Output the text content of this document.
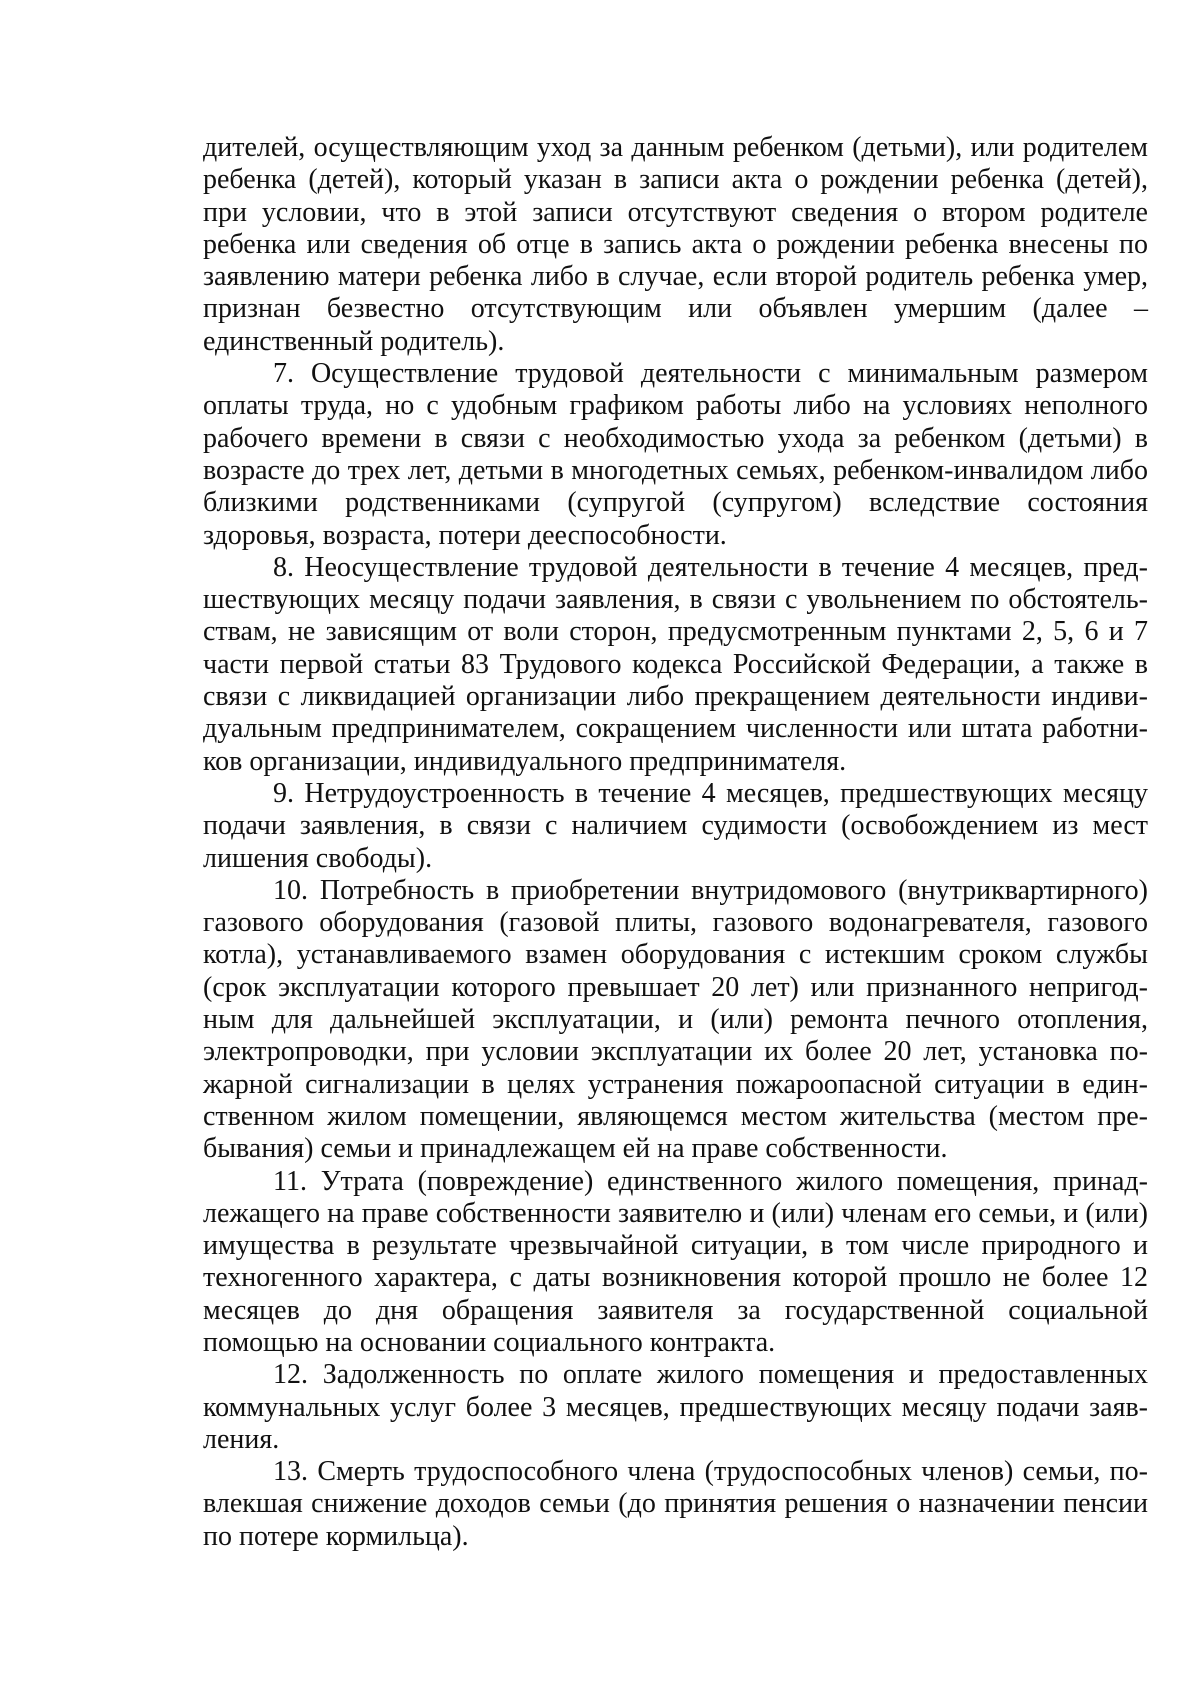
дителей, осуществляющим уход за данным ребенком (детьми), или родителем ребенка (детей), который указан в записи акта о рождении ребенка (детей), при условии, что в этой записи отсутствуют сведения о втором родителе ребенка или сведения об отце в запись акта о рождении ребенка внесены по заявлению матери ребенка либо в случае, если второй родитель ребенка умер, признан безвестно отсутствующим или объявлен умершим (далее – единственный родитель).

7. Осуществление трудовой деятельности с минимальным размером оплаты труда, но с удобным графиком работы либо на условиях неполного рабочего времени в связи с необходимостью ухода за ребенком (детьми) в возрасте до трех лет, детьми в многодетных семьях, ребенком-инвалидом либо близкими родственниками (супругой (супругом) вследствие состояния здоровья, возраста, потери дееспособности.

8. Неосуществление трудовой деятельности в течение 4 месяцев, предшествующих месяцу подачи заявления, в связи с увольнением по обстоятельствам, не зависящим от воли сторон, предусмотренным пунктами 2, 5, 6 и 7 части первой статьи 83 Трудового кодекса Российской Федерации, а также в связи с ликвидацией организации либо прекращением деятельности индивидуальным предпринимателем, сокращением численности или штата работников организации, индивидуального предпринимателя.

9. Нетрудоустроенность в течение 4 месяцев, предшествующих месяцу подачи заявления, в связи с наличием судимости (освобождением из мест лишения свободы).

10. Потребность в приобретении внутридомового (внутриквартирного) газового оборудования (газовой плиты, газового водонагревателя, газового котла), устанавливаемого взамен оборудования с истекшим сроком службы (срок эксплуатации которого превышает 20 лет) или признанного непригодным для дальнейшей эксплуатации, и (или) ремонта печного отопления, электропроводки, при условии эксплуатации их более 20 лет, установка пожарной сигнализации в целях устранения пожароопасной ситуации в единственном жилом помещении, являющемся местом жительства (местом пребывания) семьи и принадлежащем ей на праве собственности.

11. Утрата (повреждение) единственного жилого помещения, принадлежащего на праве собственности заявителю и (или) членам его семьи, и (или) имущества в результате чрезвычайной ситуации, в том числе природного и техногенного характера, с даты возникновения которой прошло не более 12 месяцев до дня обращения заявителя за государственной социальной помощью на основании социального контракта.

12. Задолженность по оплате жилого помещения и предоставленных коммунальных услуг более 3 месяцев, предшествующих месяцу подачи заявления.

13. Смерть трудоспособного члена (трудоспособных членов) семьи, повлекшая снижение доходов семьи (до принятия решения о назначении пенсии по потере кормильца).
